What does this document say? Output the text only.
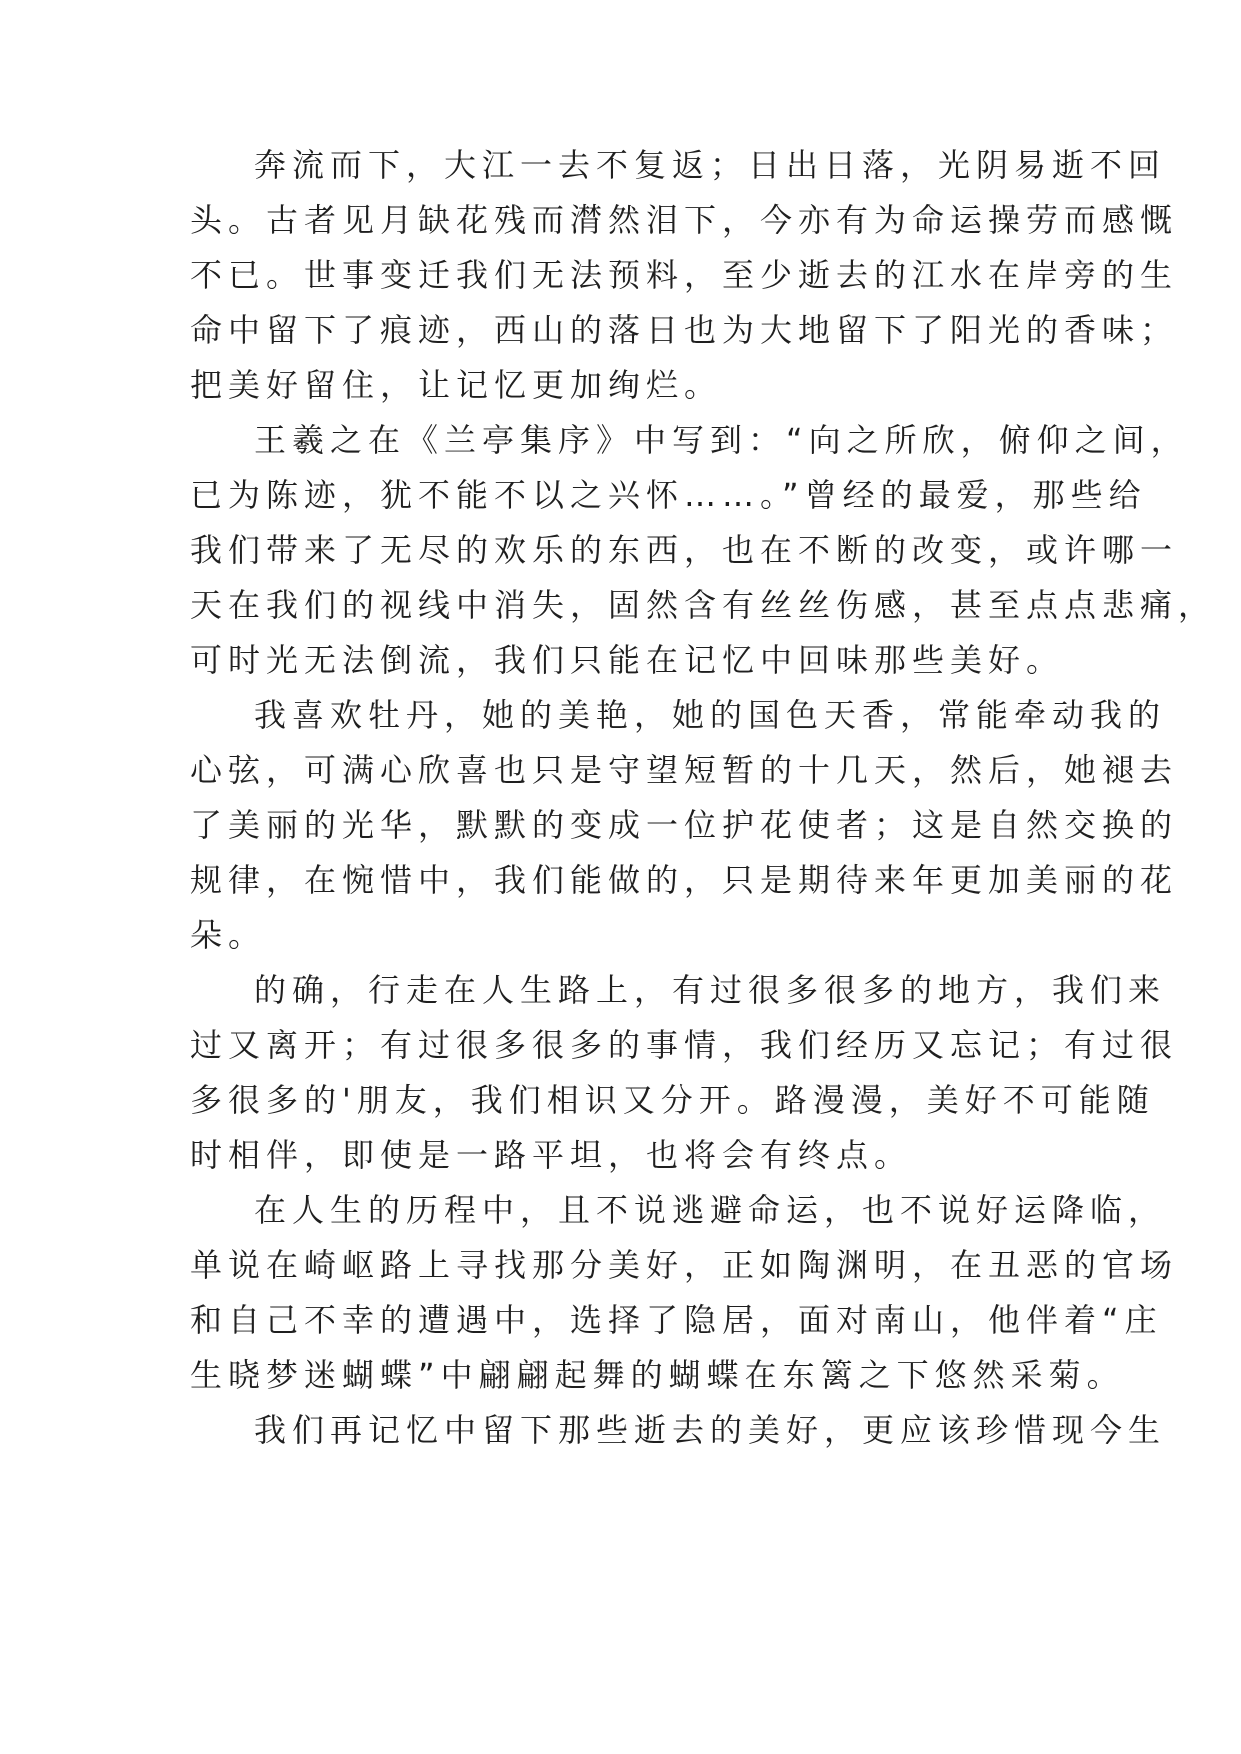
奔流而下，大江一去不复返；日出日落，光阴易逝不回
头。古者见月缺花残而潸然泪下，今亦有为命运操劳而感慨
不已。世事变迁我们无法预料，至少逝去的江水在岸旁的生
命中留下了痕迹，西山的落日也为大地留下了阳光的香味；
把美好留住，让记忆更加绚烂。
王羲之在《兰亭集序》中写到：“向之所欣，俯仰之间，
已为陈迹，犹不能不以之兴怀……。”曾经的最爱，那些给
我们带来了无尽的欢乐的东西，也在不断的改变，或许哪一
天在我们的视线中消失，固然含有丝丝伤感，甚至点点悲痛，
可时光无法倒流，我们只能在记忆中回味那些美好。
我喜欢牡丹，她的美艳，她的国色天香，常能牵动我的
心弦，可满心欣喜也只是守望短暂的十几天，然后，她褪去
了美丽的光华，默默的变成一位护花使者；这是自然交换的
规律，在惋惜中，我们能做的，只是期待来年更加美丽的花
朵。
的确，行走在人生路上，有过很多很多的地方，我们来
过又离开；有过很多很多的事情，我们经历又忘记；有过很
多很多的'朋友，我们相识又分开。路漫漫，美好不可能随
时相伴，即使是一路平坦，也将会有终点。
在人生的历程中，且不说逃避命运，也不说好运降临，
单说在崎岖路上寻找那分美好，正如陶渊明，在丑恶的官场
和自己不幸的遭遇中，选择了隐居，面对南山，他伴着“庄
生晓梦迷蝴蝶”中翩翩起舞的蝴蝶在东篱之下悠然采菊。
我们再记忆中留下那些逝去的美好，更应该珍惜现今生
